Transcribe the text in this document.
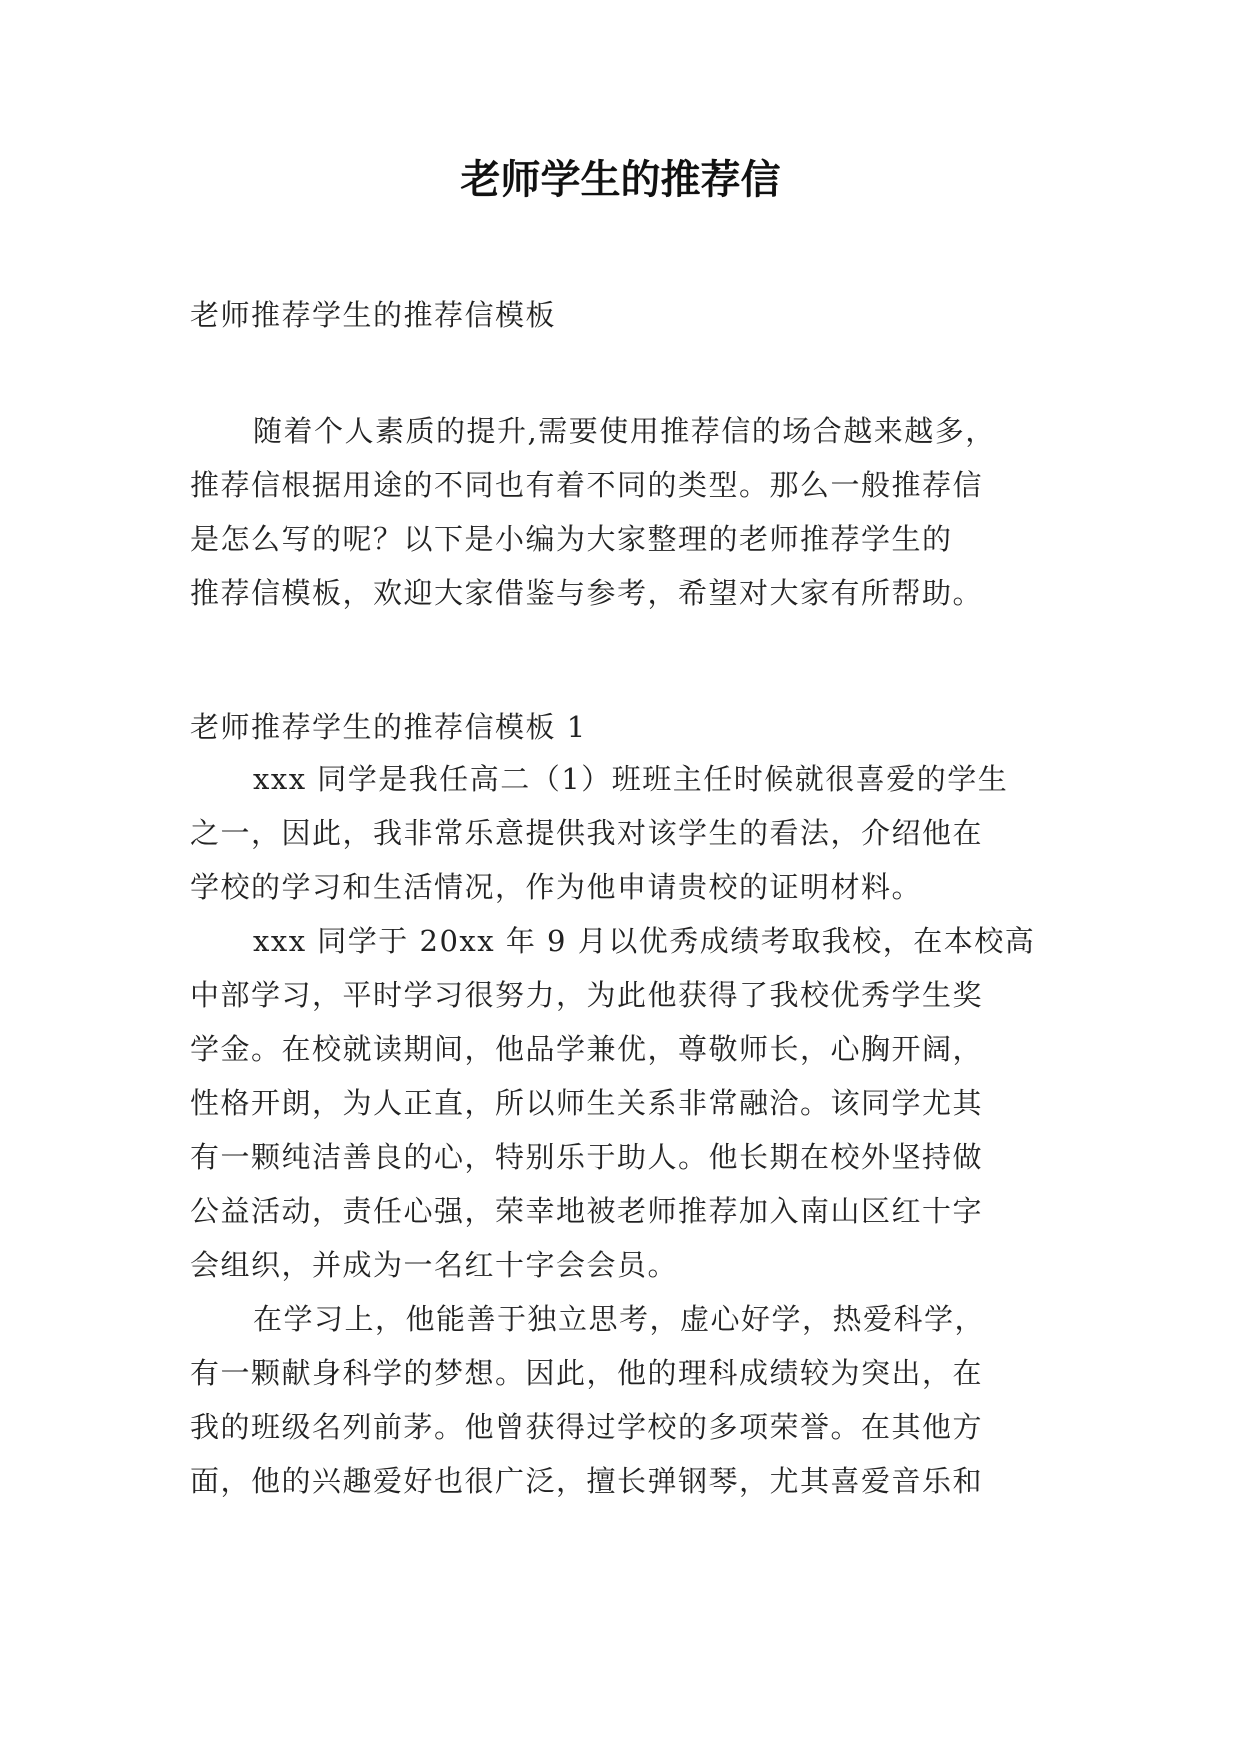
老师学生的推荐信
老师推荐学生的推荐信模板
随着个人素质的提升,需要使用推荐信的场合越来越多，
推荐信根据用途的不同也有着不同的类型。那么一般推荐信
是怎么写的呢？以下是小编为大家整理的老师推荐学生的
推荐信模板，欢迎大家借鉴与参考，希望对大家有所帮助。
老师推荐学生的推荐信模板 1
xxx 同学是我任高二（1）班班主任时候就很喜爱的学生
之一，因此，我非常乐意提供我对该学生的看法，介绍他在
学校的学习和生活情况，作为他申请贵校的证明材料。
xxx 同学于 20xx 年 9 月以优秀成绩考取我校，在本校高
中部学习，平时学习很努力，为此他获得了我校优秀学生奖
学金。在校就读期间，他品学兼优，尊敬师长，心胸开阔，
性格开朗，为人正直，所以师生关系非常融洽。该同学尤其
有一颗纯洁善良的心，特别乐于助人。他长期在校外坚持做
公益活动，责任心强，荣幸地被老师推荐加入南山区红十字
会组织，并成为一名红十字会会员。
在学习上，他能善于独立思考，虚心好学，热爱科学，
有一颗献身科学的梦想。因此，他的理科成绩较为突出，在
我的班级名列前茅。他曾获得过学校的多项荣誉。在其他方
面，他的兴趣爱好也很广泛，擅长弹钢琴，尤其喜爱音乐和
